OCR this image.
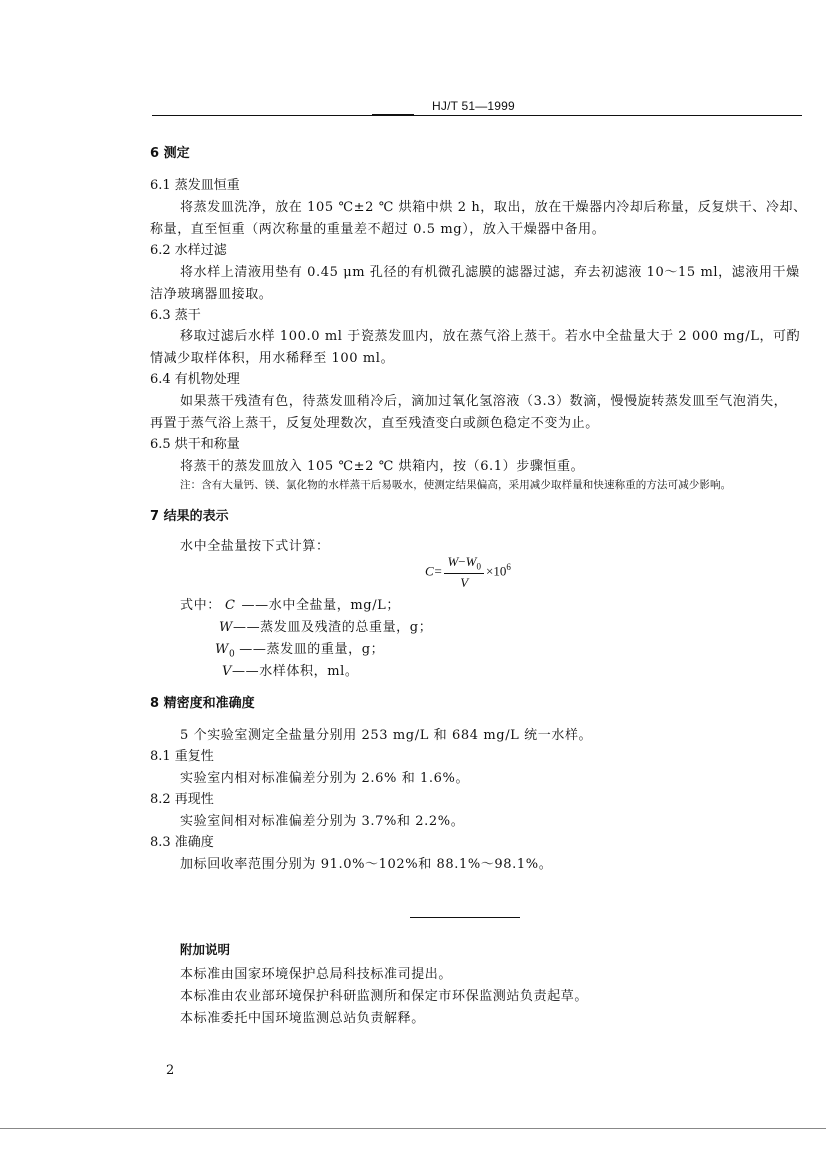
HJ/T 51—1999
6 测定
6.1 蒸发皿恒重
将蒸发皿洗净，放在 105 ℃±2 ℃ 烘箱中烘 2 h，取出，放在干燥器内冷却后称量，反复烘干、冷却、
称量，直至恒重（两次称量的重量差不超过 0.5 mg），放入干燥器中备用。
6.2 水样过滤
将水样上清液用垫有 0.45 μm 孔径的有机微孔滤膜的滤器过滤，弃去初滤液 10～15 ml，滤液用干燥
洁净玻璃器皿接取。
6.3 蒸干
移取过滤后水样 100.0 ml 于瓷蒸发皿内，放在蒸气浴上蒸干。若水中全盐量大于 2 000 mg/L，可酌
情减少取样体积，用水稀释至 100 ml。
6.4 有机物处理
如果蒸干残渣有色，待蒸发皿稍冷后，滴加过氧化氢溶液（3.3）数滴，慢慢旋转蒸发皿至气泡消失，
再置于蒸气浴上蒸干，反复处理数次，直至残渣变白或颜色稳定不变为止。
6.5 烘干和称量
将蒸干的蒸发皿放入 105 ℃±2 ℃ 烘箱内，按（6.1）步骤恒重。
注：含有大量钙、镁、氯化物的水样蒸干后易吸水，使测定结果偏高，采用减少取样量和快速称重的方法可减少影响。
7 结果的表示
水中全盐量按下式计算：
$C= \frac{W-W_0}{V} \times 10^6$
式中： C ——水中全盐量，mg/L；
W——蒸发皿及残渣的总重量，g；
$W_0$ ——蒸发皿的重量，g；
V——水样体积，ml。
8 精密度和准确度
5 个实验室测定全盐量分别用 253 mg/L 和 684 mg/L 统一水样。
8.1 重复性
实验室内相对标准偏差分别为 2.6% 和 1.6%。
8.2 再现性
实验室间相对标准偏差分别为 3.7%和 2.2%。
8.3 准确度
加标回收率范围分别为 91.0%～102%和 88.1%～98.1%。
附加说明
本标准由国家环境保护总局科技标准司提出。
本标准由农业部环境保护科研监测所和保定市环保监测站负责起草。
本标准委托中国环境监测总站负责解释。
2
